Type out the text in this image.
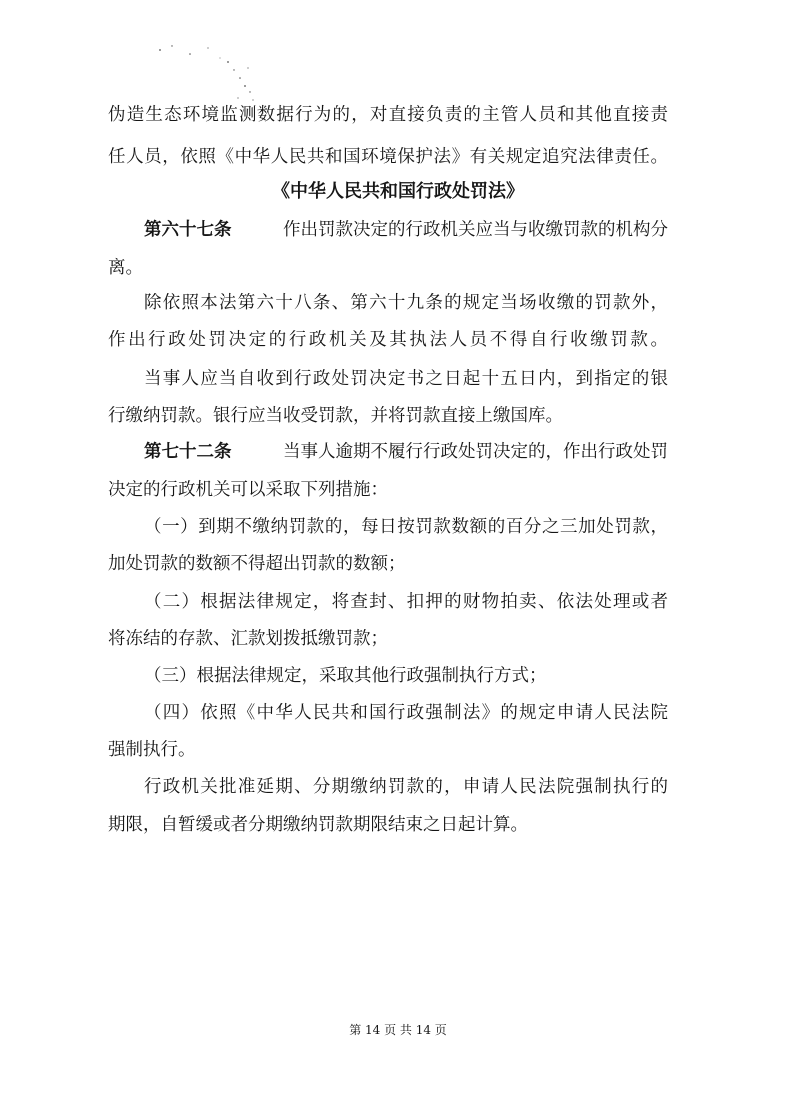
伪造生态环境监测数据行为的，对直接负责的主管人员和其他直接责
任人员，依照《中华人民共和国环境保护法》有关规定追究法律责任。
《中华人民共和国行政处罚法》
第六十七条	作出罚款决定的行政机关应当与收缴罚款的机构分
离。
除依照本法第六十八条、第六十九条的规定当场收缴的罚款外，
作出行政处罚决定的行政机关及其执法人员不得自行收缴罚款。
当事人应当自收到行政处罚决定书之日起十五日内，到指定的银
行缴纳罚款。银行应当收受罚款，并将罚款直接上缴国库。
第七十二条	当事人逾期不履行行政处罚决定的，作出行政处罚
决定的行政机关可以采取下列措施：
（一）到期不缴纳罚款的，每日按罚款数额的百分之三加处罚款，
加处罚款的数额不得超出罚款的数额；
（二）根据法律规定，将查封、扣押的财物拍卖、依法处理或者
将冻结的存款、汇款划拨抵缴罚款；
（三）根据法律规定，采取其他行政强制执行方式；
（四）依照《中华人民共和国行政强制法》的规定申请人民法院
强制执行。
行政机关批准延期、分期缴纳罚款的，申请人民法院强制执行的
期限，自暂缓或者分期缴纳罚款期限结束之日起计算。
第 14 页 共 14 页
